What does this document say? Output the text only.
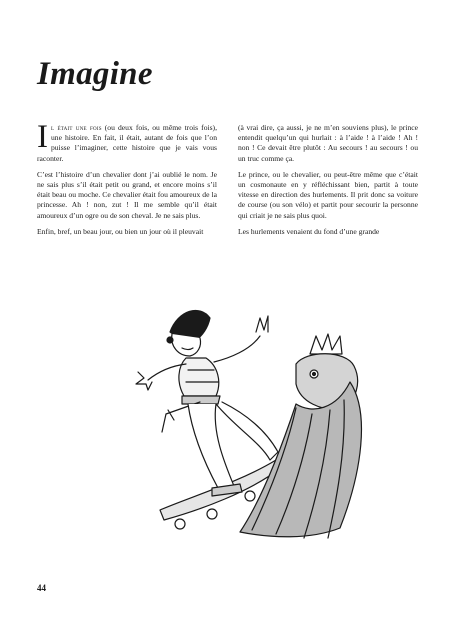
Imagine

Il était une fois (ou deux fois, ou même trois fois), une histoire. En fait, il était, autant de fois que l’on puisse l’imaginer, cette histoire que je vais vous raconter.

C’est l’histoire d’un chevalier dont j’ai oublié le nom. Je ne sais plus s’il était petit ou grand, et encore moins s’il était beau ou moche. Ce chevalier était fou amoureux de la princesse. Ah ! non, zut ! Il me semble qu’il était amoureux d’un ogre ou de son cheval. Je ne sais plus.

Enfin, bref, un beau jour, ou bien un jour où il pleuvait

(à vrai dire, ça aussi, je ne m’en souviens plus), le prince entendit quelqu’un qui hurlait : à l’aide ! à l’aide ! Ah ! non ! Ce devait être plutôt : Au secours ! au secours ! ou un truc comme ça.

Le prince, ou le chevalier, ou peut-être même que c’était un cosmonaute en y réfléchissant bien, partit à toute vitesse en direction des hurlements. Il prit donc sa voiture de course (ou son vélo) et partit pour secourir la personne qui criait je ne sais plus quoi.

Les hurlements venaient du fond d’une grande

44
